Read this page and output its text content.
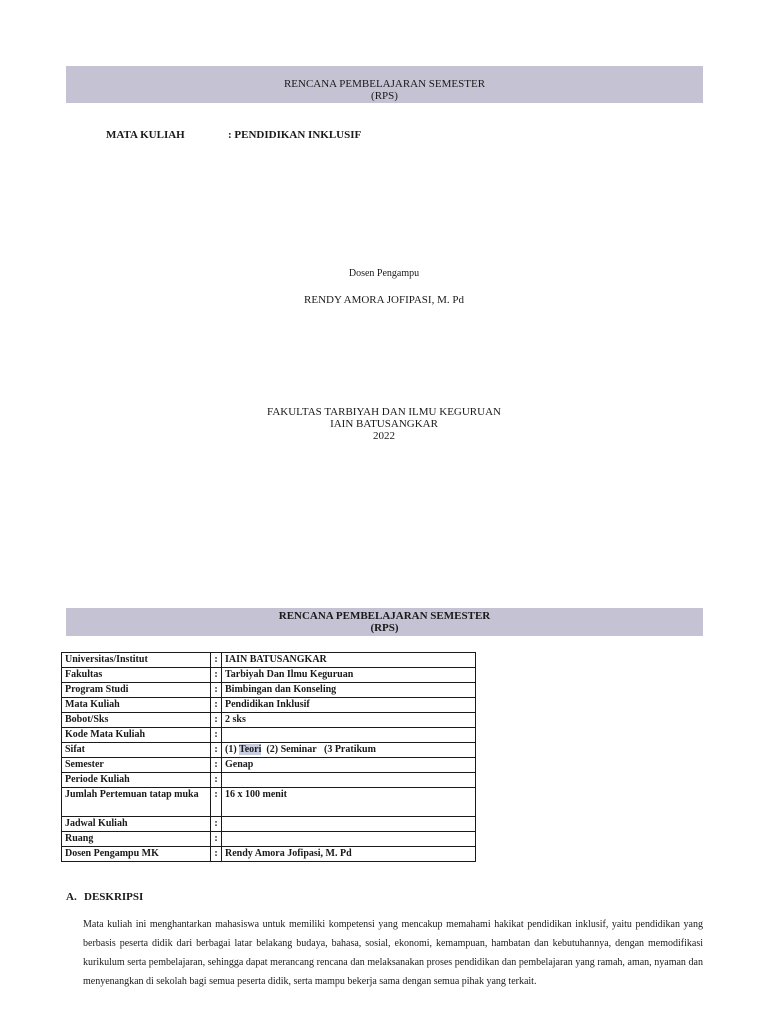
RENCANA PEMBELAJARAN SEMESTER
(RPS)
MATA KULIAH	: PENDIDIKAN INKLUSIF
Dosen Pengampu
RENDY AMORA JOFIPASI, M. Pd
FAKULTAS TARBIYAH DAN ILMU KEGURUAN
IAIN BATUSANGKAR
2022
RENCANA PEMBELAJARAN SEMESTER
(RPS)
Universitas/Institut	:	IAIN BATUSANGKAR
Fakultas	:	Tarbiyah Dan Ilmu Keguruan
Program Studi	:	Bimbingan dan Konseling
Mata Kuliah	:	Pendidikan Inklusif
Bobot/Sks	:	2 sks
Kode Mata Kuliah	:	
Sifat	:	(1) Teori  (2) Seminar   (3 Pratikum
Semester	:	Genap
Periode Kuliah	:	
Jumlah Pertemuan tatap muka	:	16 x 100 menit
Jadwal Kuliah	:	
Ruang	:	
Dosen Pengampu MK	:	Rendy Amora Jofipasi, M. Pd
A. DESKRIPSI

Mata kuliah ini menghantarkan mahasiswa untuk memiliki kompetensi yang mencakup memahami hakikat pendidikan inklusif, yaitu pendidikan yang berbasis peserta didik dari berbagai latar belakang budaya, bahasa, sosial, ekonomi, kemampuan, hambatan dan kebutuhannya, dengan memodifikasi kurikulum serta pembelajaran, sehingga dapat merancang rencana dan melaksanakan proses pendidikan dan pembelajaran yang ramah, aman, nyaman dan menyenangkan di sekolah bagi semua peserta didik, serta mampu bekerja sama dengan semua pihak yang terkait.
